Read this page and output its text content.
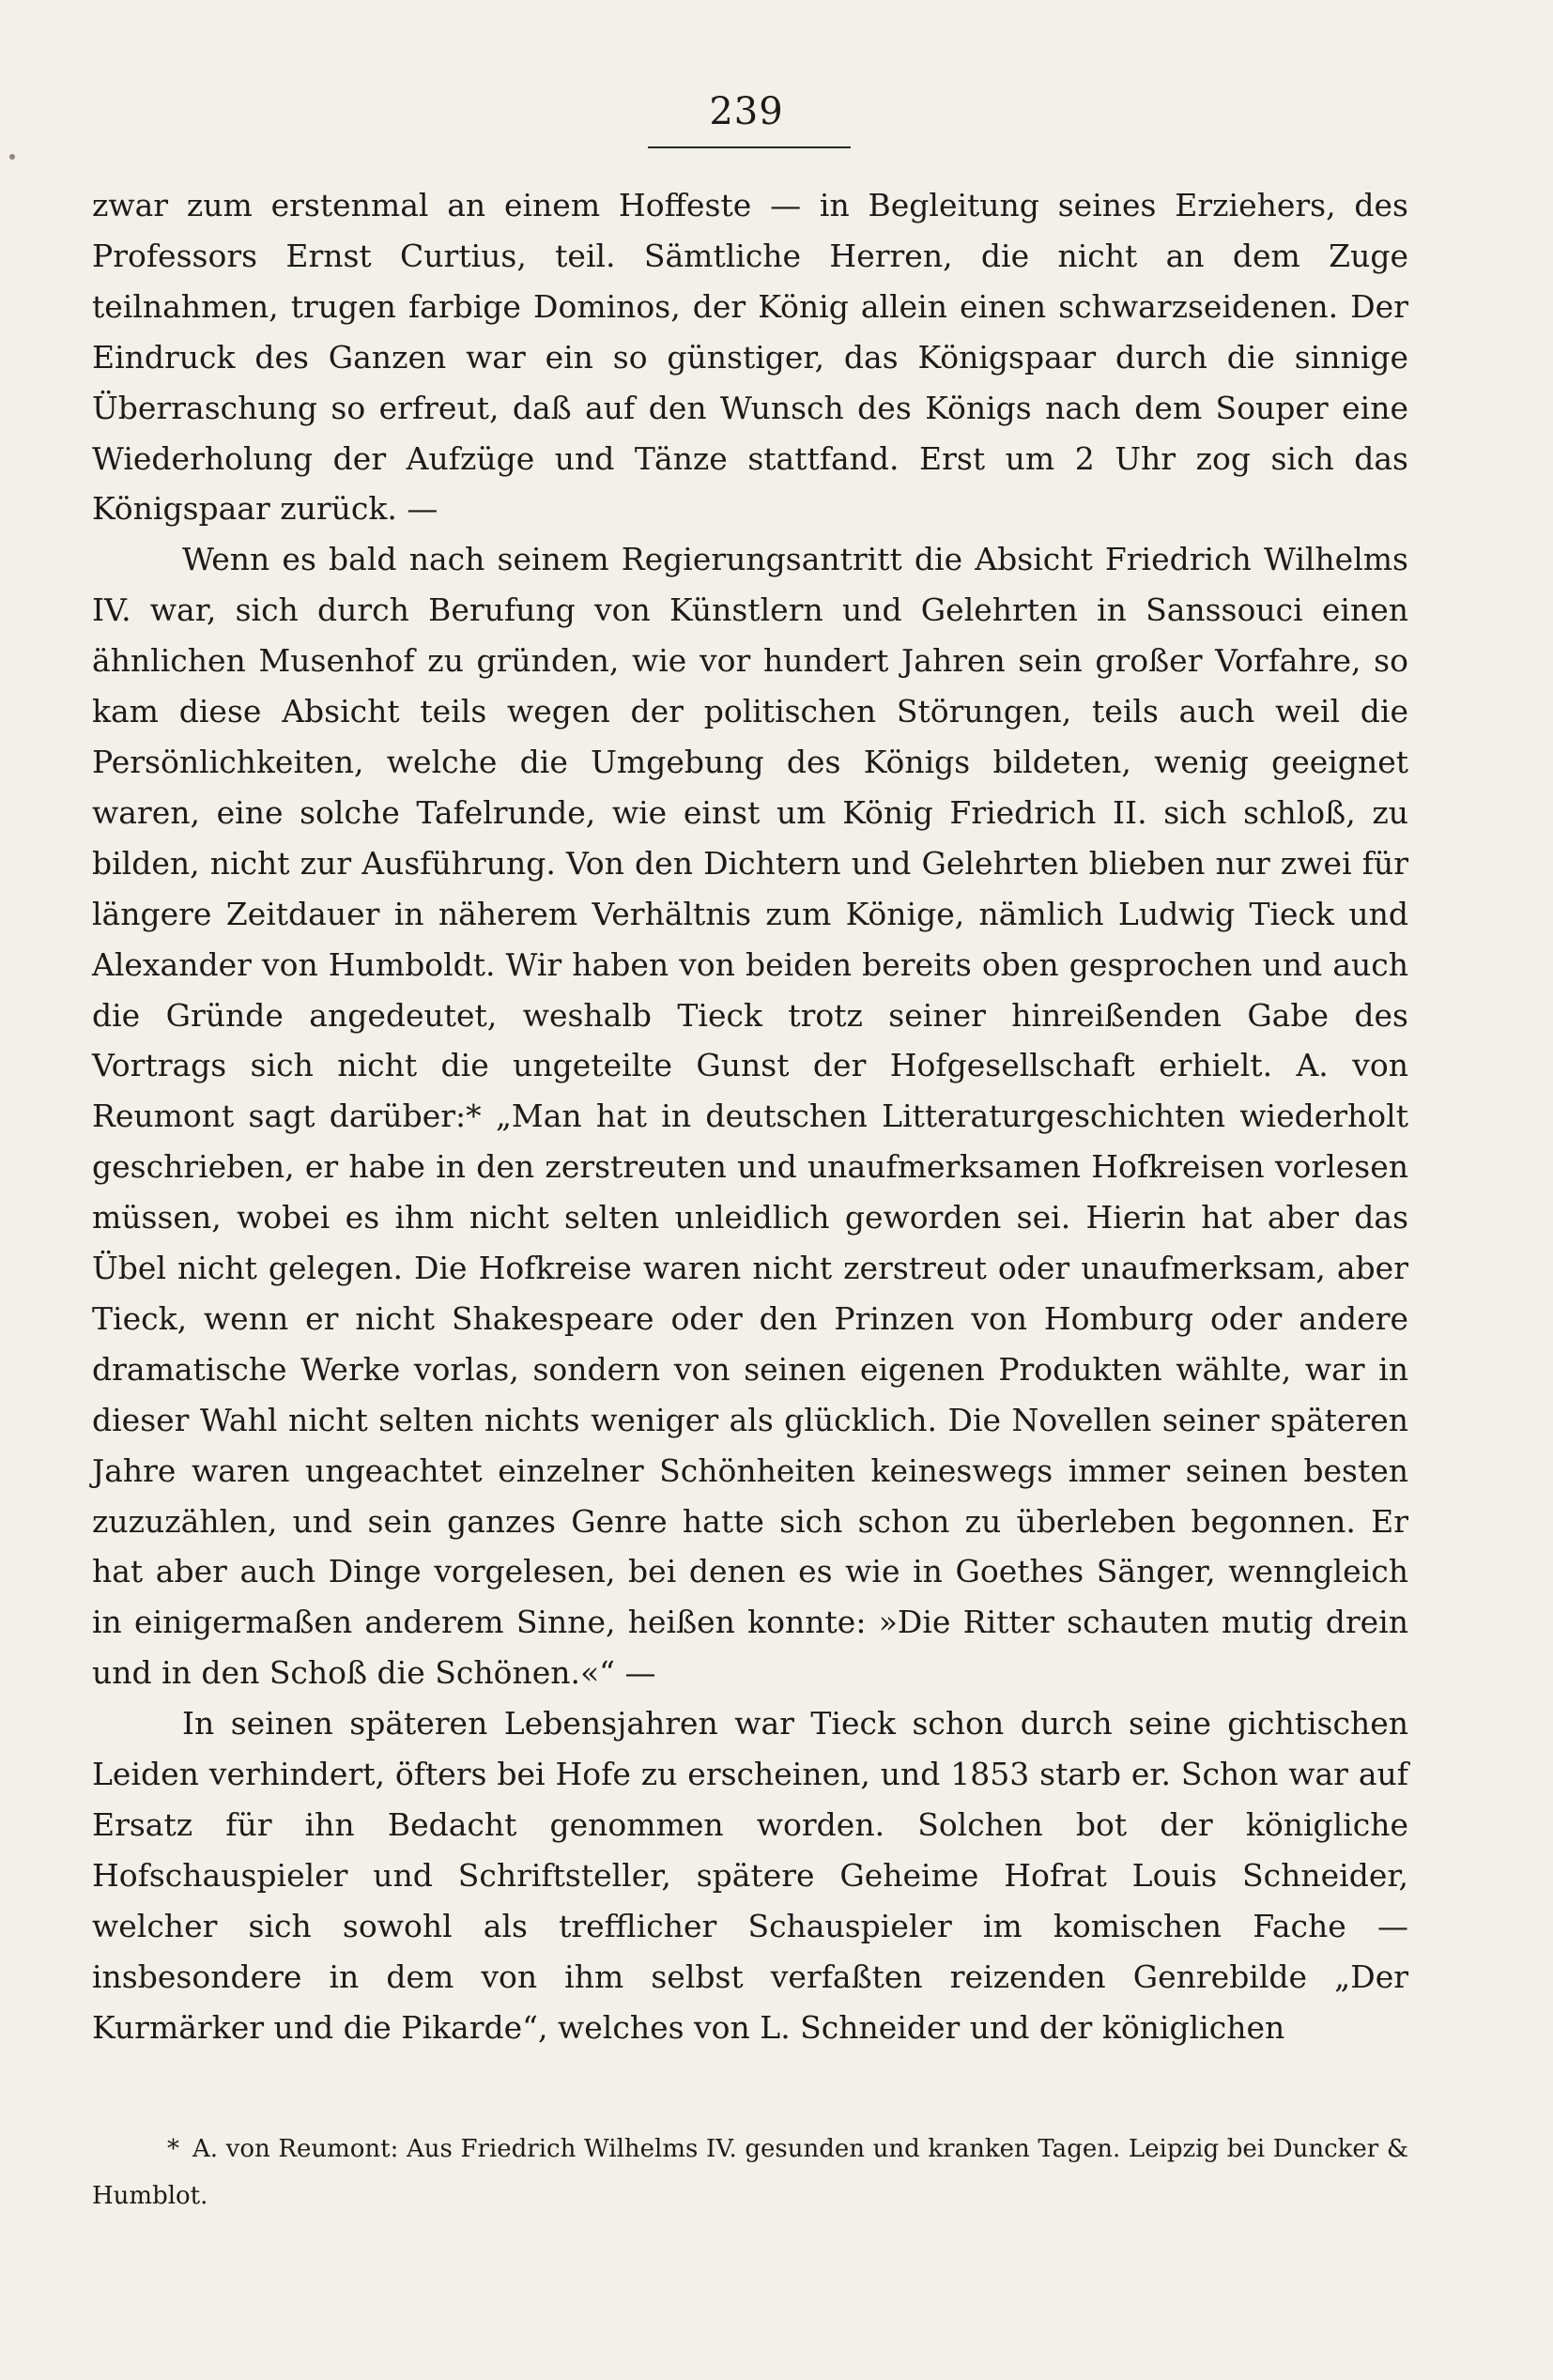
239

zwar zum erstenmal an einem Hoffeste — in Begleitung seines Erziehers, des Professors Ernst Curtius, teil. Sämtliche Herren, die nicht an dem Zuge teilnahmen, trugen farbige Dominos, der König allein einen schwarzseidenen. Der Eindruck des Ganzen war ein so günstiger, das Königspaar durch die sinnige Überraschung so erfreut, daß auf den Wunsch des Königs nach dem Souper eine Wiederholung der Aufzüge und Tänze stattfand. Erst um 2 Uhr zog sich das Königspaar zurück. —

Wenn es bald nach seinem Regierungsantritt die Absicht Friedrich Wilhelms IV. war, sich durch Berufung von Künstlern und Gelehrten in Sanssouci einen ähnlichen Musenhof zu gründen, wie vor hundert Jahren sein großer Vorfahre, so kam diese Absicht teils wegen der politischen Störungen, teils auch weil die Persönlichkeiten, welche die Umgebung des Königs bildeten, wenig geeignet waren, eine solche Tafelrunde, wie einst um König Friedrich II. sich schloß, zu bilden, nicht zur Ausführung. Von den Dichtern und Gelehrten blieben nur zwei für längere Zeitdauer in näherem Verhältnis zum Könige, nämlich Ludwig Tieck und Alexander von Humboldt. Wir haben von beiden bereits oben gesprochen und auch die Gründe angedeutet, weshalb Tieck trotz seiner hinreißenden Gabe des Vortrags sich nicht die ungeteilte Gunst der Hofgesellschaft erhielt. A. von Reumont sagt darüber:* „Man hat in deutschen Litteraturgeschichten wiederholt geschrieben, er habe in den zerstreuten und unaufmerksamen Hofkreisen vorlesen müssen, wobei es ihm nicht selten unleidlich geworden sei. Hierin hat aber das Übel nicht gelegen. Die Hofkreise waren nicht zerstreut oder unaufmerksam, aber Tieck, wenn er nicht Shakespeare oder den Prinzen von Homburg oder andere dramatische Werke vorlas, sondern von seinen eigenen Produkten wählte, war in dieser Wahl nicht selten nichts weniger als glücklich. Die Novellen seiner späteren Jahre waren ungeachtet einzelner Schönheiten keineswegs immer seinen besten zuzuzählen, und sein ganzes Genre hatte sich schon zu überleben begonnen. Er hat aber auch Dinge vorgelesen, bei denen es wie in Goethes Sänger, wenngleich in einigermaßen anderem Sinne, heißen konnte: »Die Ritter schauten mutig drein und in den Schoß die Schönen.«“ —

In seinen späteren Lebensjahren war Tieck schon durch seine gichtischen Leiden verhindert, öfters bei Hofe zu erscheinen, und 1853 starb er. Schon war auf Ersatz für ihn Bedacht genommen worden. Solchen bot der königliche Hofschauspieler und Schriftsteller, spätere Geheime Hofrat Louis Schneider, welcher sich sowohl als trefflicher Schauspieler im komischen Fache — insbesondere in dem von ihm selbst verfaßten reizenden Genrebilde „Der Kurmärker und die Pikarde“, welches von L. Schneider und der königlichen

* A. von Reumont: Aus Friedrich Wilhelms IV. gesunden und kranken Tagen. Leipzig bei Duncker & Humblot.
